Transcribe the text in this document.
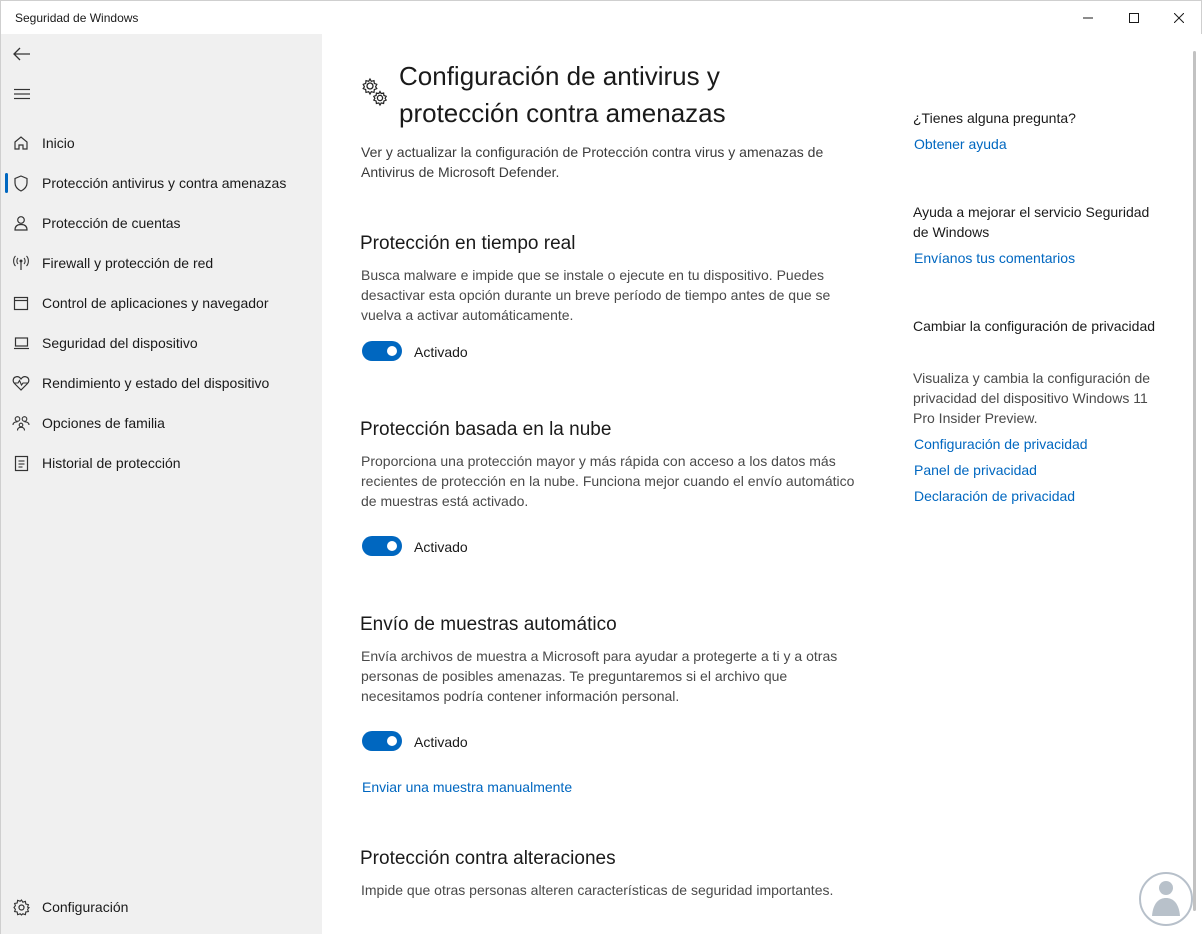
Seguridad de Windows
Inicio
Protección antivirus y contra amenazas
Protección de cuentas
Firewall y protección de red
Control de aplicaciones y navegador
Seguridad del dispositivo
Rendimiento y estado del dispositivo
Opciones de familia
Historial de protección
Configuración
Configuración de antivirus y protección contra amenazas

Ver y actualizar la configuración de Protección contra virus y amenazas de Antivirus de Microsoft Defender.

Protección en tiempo real
Busca malware e impide que se instale o ejecute en tu dispositivo. Puedes desactivar esta opción durante un breve período de tiempo antes de que se vuelva a activar automáticamente.
Activado
Protección basada en la nube
Proporciona una protección mayor y más rápida con acceso a los datos más recientes de protección en la nube. Funciona mejor cuando el envío automático de muestras está activado.
Activado
Envío de muestras automático
Envía archivos de muestra a Microsoft para ayudar a protegerte a ti y a otras personas de posibles amenazas. Te preguntaremos si el archivo que necesitamos podría contener información personal.
Activado
Enviar una muestra manualmente
Protección contra alteraciones
Impide que otras personas alteren características de seguridad importantes.
¿Tienes alguna pregunta?
Obtener ayuda
Ayuda a mejorar el servicio Seguridad de Windows
Envíanos tus comentarios
Cambiar la configuración de privacidad
Visualiza y cambia la configuración de privacidad del dispositivo Windows 11 Pro Insider Preview.
Configuración de privacidad
Panel de privacidad
Declaración de privacidad
